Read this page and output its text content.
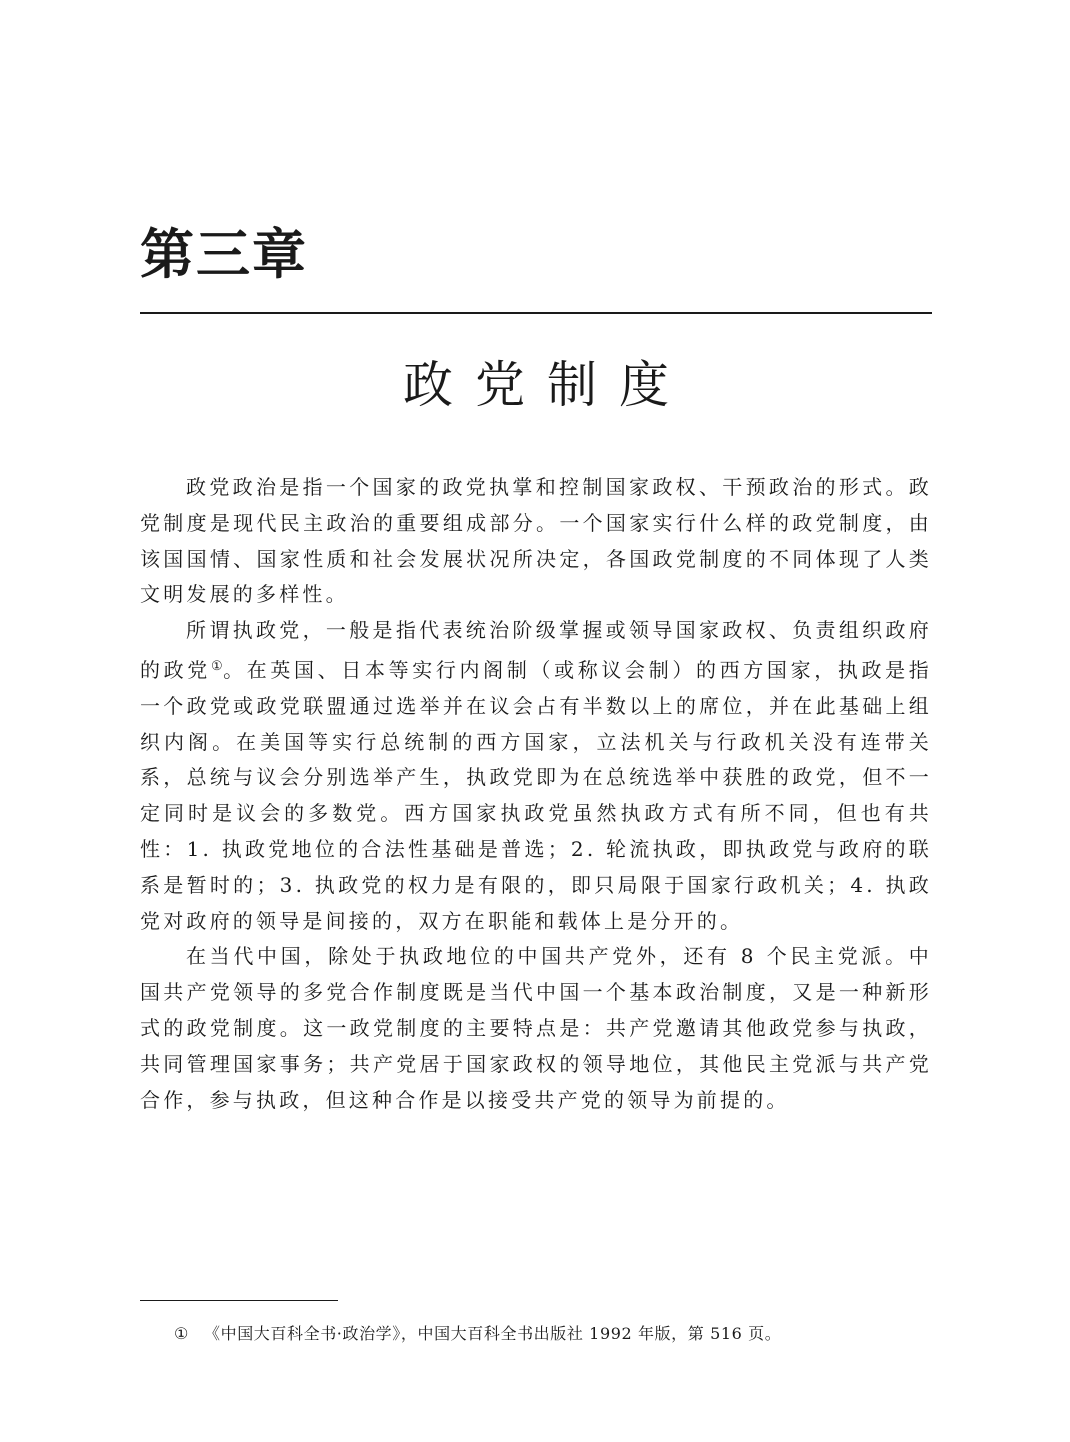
第三章
政党制度

政党政治是指一个国家的政党执掌和控制国家政权、干预政治的形式。政党制度是现代民主政治的重要组成部分。一个国家实行什么样的政党制度，由该国国情、国家性质和社会发展状况所决定，各国政党制度的不同体现了人类文明发展的多样性。

所谓执政党，一般是指代表统治阶级掌握或领导国家政权、负责组织政府的政党①。在英国、日本等实行内阁制（或称议会制）的西方国家，执政是指一个政党或政党联盟通过选举并在议会占有半数以上的席位，并在此基础上组织内阁。在美国等实行总统制的西方国家，立法机关与行政机关没有连带关系，总统与议会分别选举产生，执政党即为在总统选举中获胜的政党，但不一定同时是议会的多数党。西方国家执政党虽然执政方式有所不同，但也有共性：1. 执政党地位的合法性基础是普选；2. 轮流执政，即执政党与政府的联系是暂时的；3. 执政党的权力是有限的，即只局限于国家行政机关；4. 执政党对政府的领导是间接的，双方在职能和载体上是分开的。

在当代中国，除处于执政地位的中国共产党外，还有 8 个民主党派。中国共产党领导的多党合作制度既是当代中国一个基本政治制度，又是一种新形式的政党制度。这一政党制度的主要特点是：共产党邀请其他政党参与执政，共同管理国家事务；共产党居于国家政权的领导地位，其他民主党派与共产党合作，参与执政，但这种合作是以接受共产党的领导为前提的。

① 《中国大百科全书·政治学》，中国大百科全书出版社 1992 年版，第 516 页。
